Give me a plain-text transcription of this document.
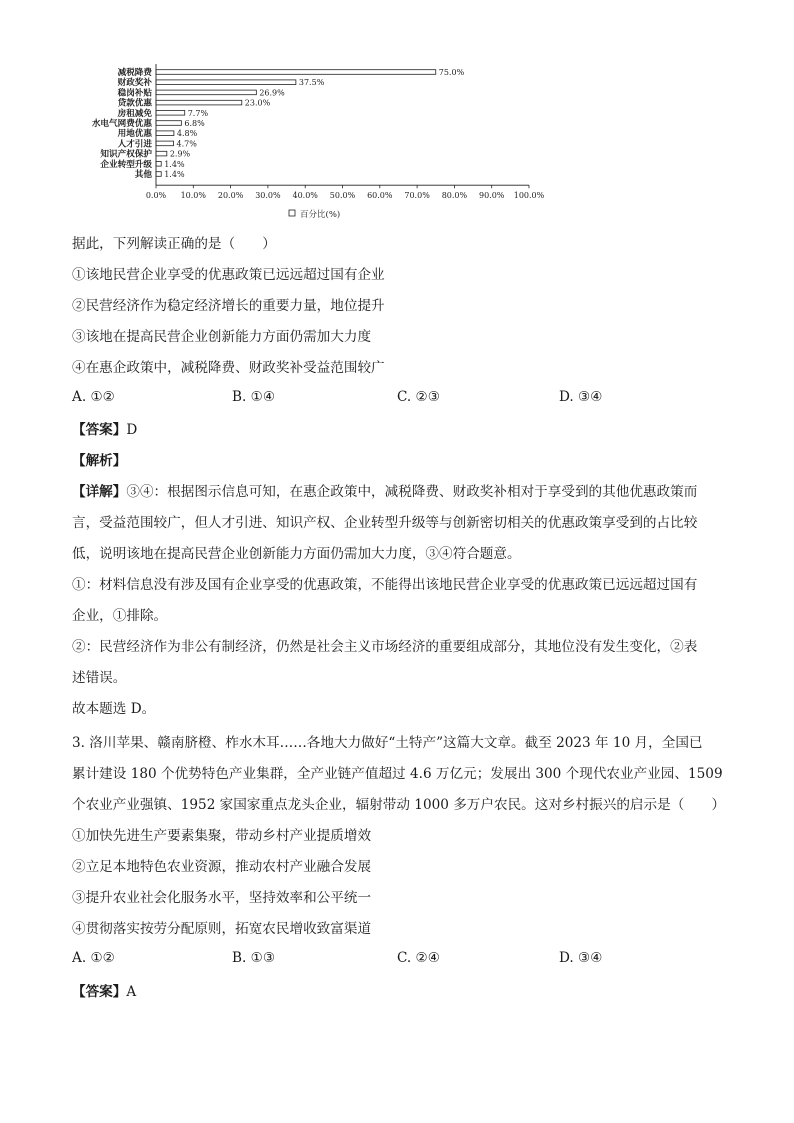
减税降费	75.0%
财政奖补	37.5%
稳岗补贴	26.9%
贷款优惠	23.0%
房租减免	7.7%
水电气网费优惠	6.8%
用地优惠	4.8%
人才引进	4.7%
知识产权保护 2.9%
企业转型升级 1.4%
其他 1.4%
0.0% 10.0% 20.0% 30.0% 40.0% 50.0% 60.0% 70.0% 80.0% 90.0% 100.0%
百分比(%)

据此，下列解读正确的是（　　）

①该地民营企业享受的优惠政策已远远超过国有企业

②民营经济作为稳定经济增长的重要力量，地位提升

③该地在提高民营企业创新能力方面仍需加大力度

④在惠企政策中，减税降费、财政奖补受益范围较广

A. ①②	B. ①④	C. ②③	D. ③④

【答案】D

【解析】

【详解】③④：根据图示信息可知，在惠企政策中，减税降费、财政奖补相对于享受到的其他优惠政策而

言，受益范围较广，但人才引进、知识产权、企业转型升级等与创新密切相关的优惠政策享受到的占比较

低，说明该地在提高民营企业创新能力方面仍需加大力度，③④符合题意。

①：材料信息没有涉及国有企业享受的优惠政策，不能得出该地民营企业享受的优惠政策已远远超过国有

企业，①排除。

②：民营经济作为非公有制经济，仍然是社会主义市场经济的重要组成部分，其地位没有发生变化，②表

述错误。

故本题选 D。

3. 洛川苹果、赣南脐橙、柞水木耳……各地大力做好“土特产”这篇大文章。截至 2023 年 10 月，全国已

累计建设 180 个优势特色产业集群，全产业链产值超过 4.6 万亿元；发展出 300 个现代农业产业园、1509

个农业产业强镇、1952 家国家重点龙头企业，辐射带动 1000 多万户农民。这对乡村振兴的启示是（　　）

①加快先进生产要素集聚，带动乡村产业提质增效

②立足本地特色农业资源，推动农村产业融合发展

③提升农业社会化服务水平，坚持效率和公平统一

④贯彻落实按劳分配原则，拓宽农民增收致富渠道

A. ①②	B. ①③	C. ②④	D. ③④

【答案】A
